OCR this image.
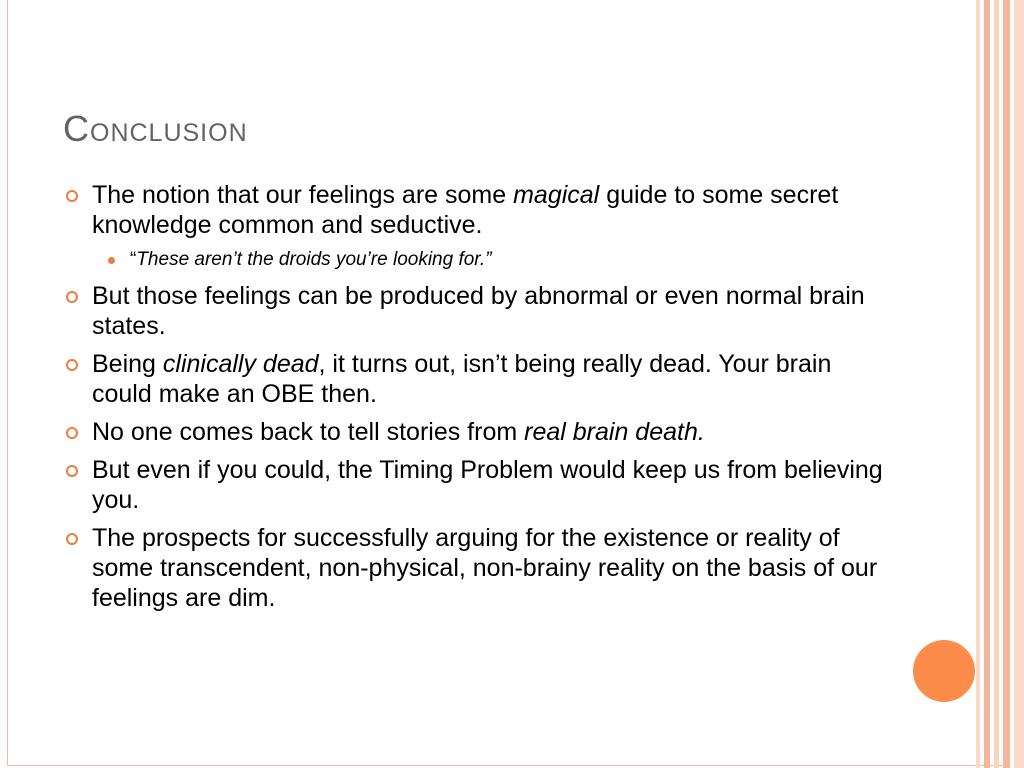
Conclusion
The notion that our feelings are some magical guide to some secret knowledge common and seductive.
“These aren’t the droids you’re looking for.”
But those feelings can be produced by abnormal or even normal brain states.
Being clinically dead, it turns out, isn’t being really dead. Your brain could make an OBE then.
No one comes back to tell stories from real brain death.
But even if you could, the Timing Problem would keep us from believing you.
The prospects for successfully arguing for the existence or reality of some transcendent, non-physical, non-brainy reality on the basis of our feelings are dim.
